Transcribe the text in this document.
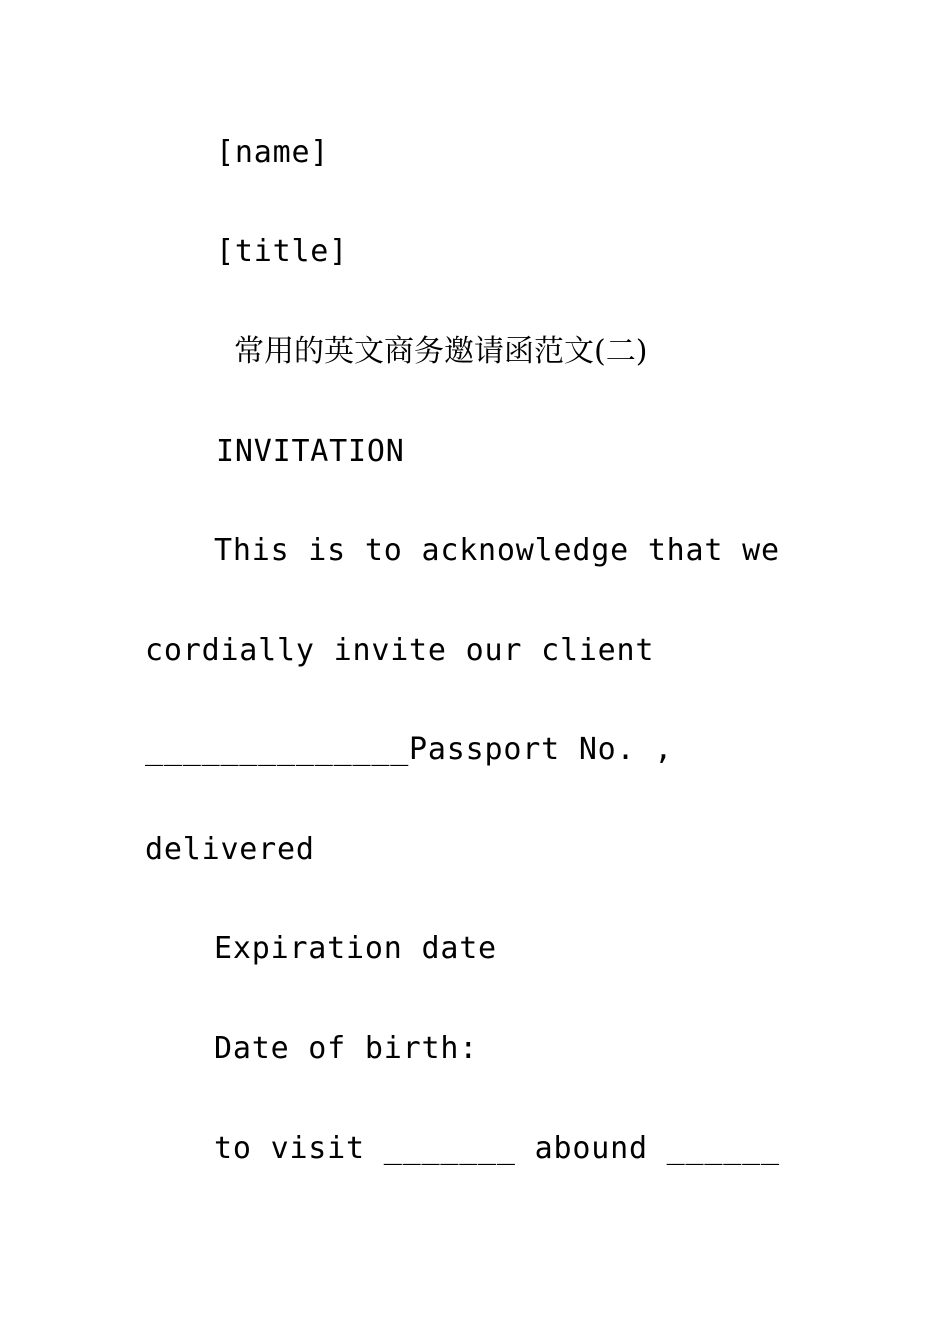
[name]
[title]
常用的英文商务邀请函范文(二)
INVITATION
This is to acknowledge that we
cordially invite our client
______________Passport No. ,
delivered
Expiration date
Date of birth:
to visit _______ abound ______
